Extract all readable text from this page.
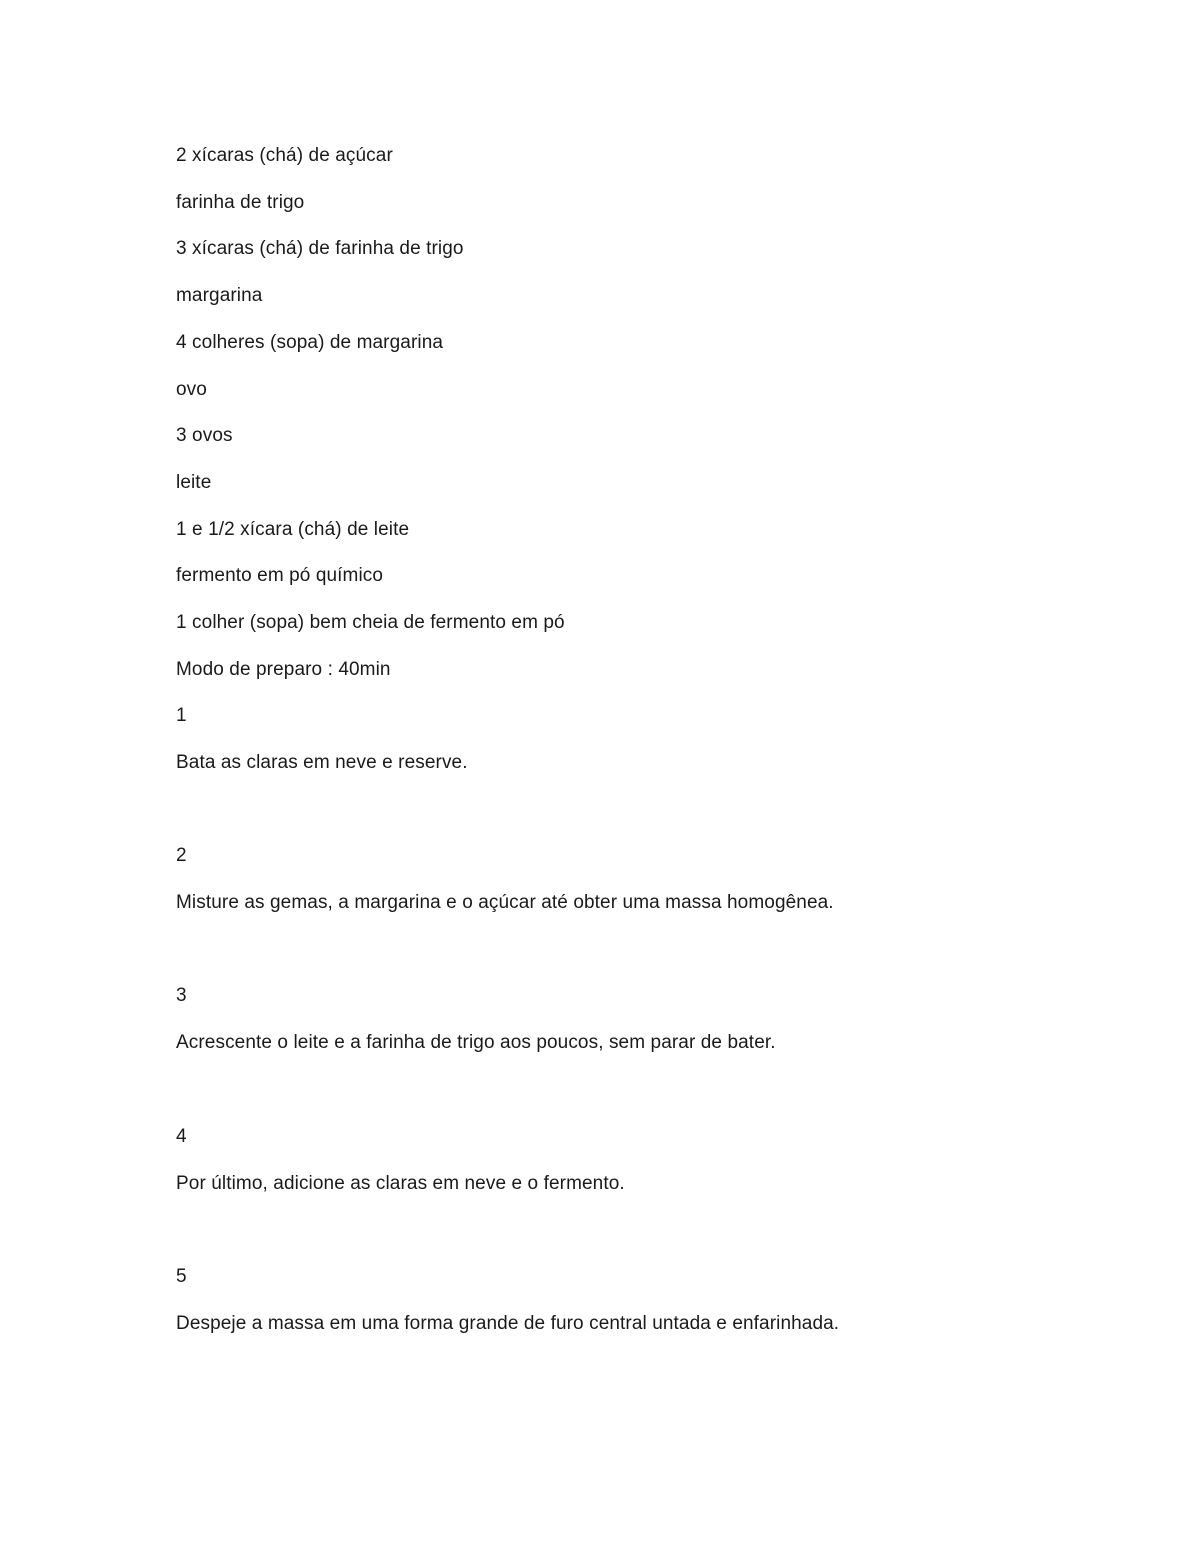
2 xícaras (chá) de açúcar
farinha de trigo
3 xícaras (chá) de farinha de trigo
margarina
4 colheres (sopa) de margarina
ovo
3 ovos
leite
1 e 1/2 xícara (chá) de leite
fermento em pó químico
1 colher (sopa) bem cheia de fermento em pó
Modo de preparo : 40min
1
Bata as claras em neve e reserve.
2
Misture as gemas, a margarina e o açúcar até obter uma massa homogênea.
3
Acrescente o leite e a farinha de trigo aos poucos, sem parar de bater.
4
Por último, adicione as claras em neve e o fermento.
5
Despeje a massa em uma forma grande de furo central untada e enfarinhada.
